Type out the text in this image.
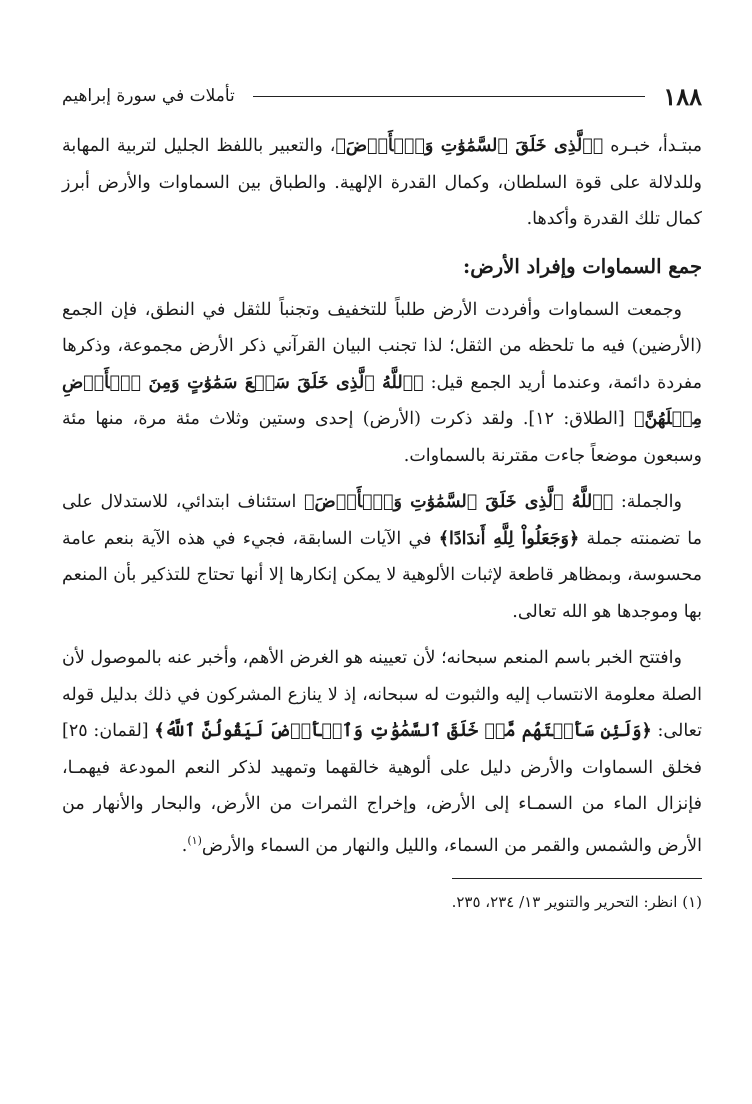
١٨٨
تأملات في سورة إبراهيم

مبتـدأ، خبـره ﴿ٱلَّذِى خَلَقَ ٱلسَّمَٰوَٰتِ وَٱلۡأَرۡضَ﴾، والتعبير باللفظ الجليل لتربية المهابة وللدلالة على قوة السلطان، وكمال القدرة الإلهية. والطباق بين السماوات والأرض أبرز كمال تلك القدرة وأكدها.

جمع السماوات وإفراد الأرض:

وجمعت السماوات وأفردت الأرض طلباً للتخفيف وتجنباً للثقل في النطق، فإن الجمع (الأرضين) فيه ما تلحظه من الثقل؛ لذا تجنب البيان القرآني ذكر الأرض مجموعة، وذكرها مفردة دائمة، وعندما أريد الجمع قيل: ﴿ٱللَّهُ ٱلَّذِى خَلَقَ سَبۡعَ سَمَٰوَٰتٍ وَمِنَ ٱلۡأَرۡضِ مِثۡلَهُنَّ﴾ [الطلاق: ١٢]. ولقد ذكرت (الأرض) إحدى وستين وثلاث مئة مرة، منها مئة وسبعون موضعاً جاءت مقترنة بالسماوات.

والجملة: ﴿ٱللَّهُ ٱلَّذِى خَلَقَ ٱلسَّمَٰوَٰتِ وَٱلۡأَرۡضَ﴾ استئناف ابتدائي، للاستدلال على ما تضمنته جملة ﴿وَجَعَلُواْ لِلَّهِ أَندَادًا﴾ في الآيات السابقة، فجيء في هذه الآية بنعم عامة محسوسة، وبمظاهر قاطعة لإثبات الألوهية لا يمكن إنكارها إلا أنها تحتاج للتذكير بأن المنعم بها وموجدها هو الله تعالى.

وافتتح الخبر باسم المنعم سبحانه؛ لأن تعيينه هو الغرض الأهم، وأخبر عنه بالموصول لأن الصلة معلومة الانتساب إليه والثبوت له سبحانه، إذ لا ينازع المشركون في ذلك بدليل قوله تعالى: ﴿وَلَئِن سَأَلۡتَهُم مَّنۡ خَلَقَ ٱلسَّمَٰوَٰتِ وَٱلۡأَرۡضَ لَيَقُولُنَّ ٱللَّهُ﴾ [لقمان: ٢٥] فخلق السماوات والأرض دليل على ألوهية خالقهما وتمهيد لذكر النعم المودعة فيهمـا، فإنزال الماء من السمـاء إلى الأرض، وإخراج الثمرات من الأرض، والبحار والأنهار من الأرض والشمس والقمر من السماء، والليل والنهار من السماء والأرض$^{(١)}$.

(١) انظر: التحرير والتنوير ١٣/ ٢٣٤، ٢٣٥.
